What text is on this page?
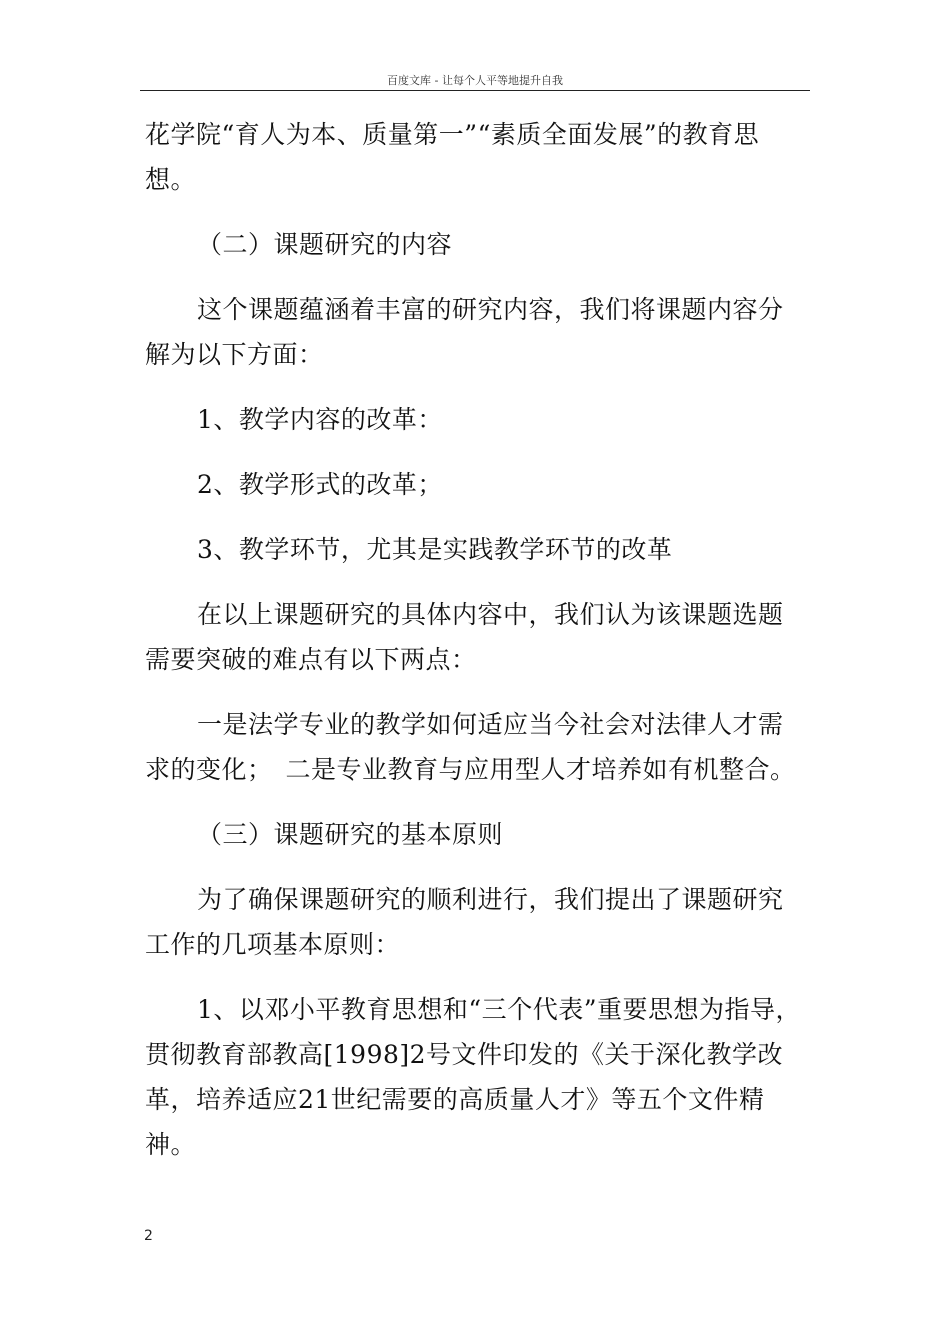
百度文库 - 让每个人平等地提升自我

花学院“育人为本、质量第一”“素质全面发展”的教育思想。

（二）课题研究的内容

这个课题蕴涵着丰富的研究内容，我们将课题内容分解为以下方面：

1、教学内容的改革：

2、教学形式的改革；

3、教学环节，尤其是实践教学环节的改革

在以上课题研究的具体内容中，我们认为该课题选题需要突破的难点有以下两点：

一是法学专业的教学如何适应当今社会对法律人才需求的变化；　二是专业教育与应用型人才培养如有机整合。

（三）课题研究的基本原则

为了确保课题研究的顺利进行，我们提出了课题研究工作的几项基本原则：

1、以邓小平教育思想和“三个代表”重要思想为指导，贯彻教育部教高[1998]2号文件印发的《关于深化教学改革，培养适应21世纪需要的高质量人才》等五个文件精神。

2
